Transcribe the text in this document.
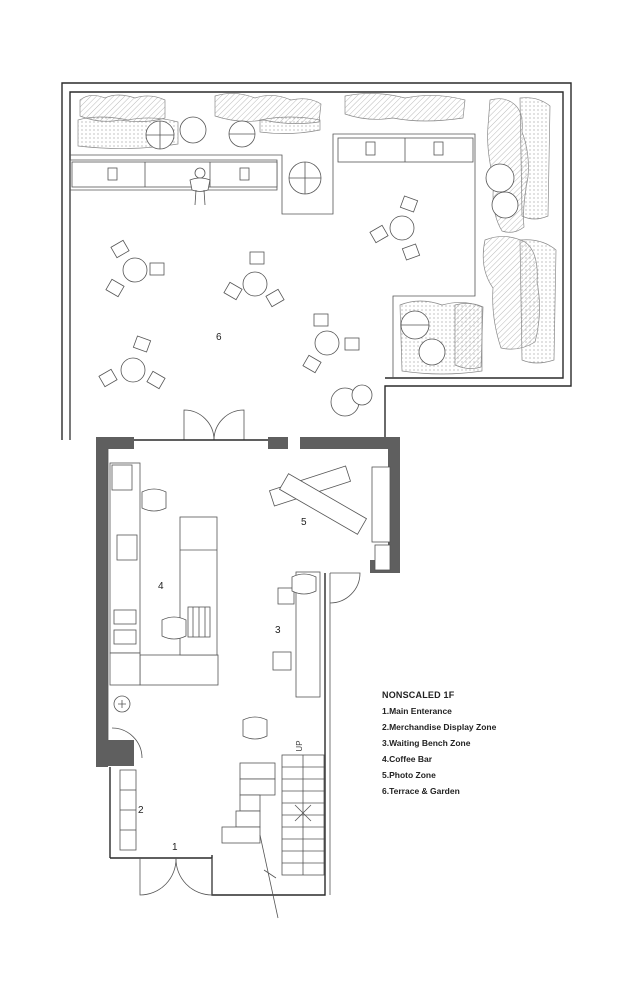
UP
1
2
3
4
5
6
NONSCALED 1F
1.Main Enterance
2.Merchandise Display Zone
3.Waiting Bench Zone
4.Coffee Bar
5.Photo Zone
6.Terrace & Garden
